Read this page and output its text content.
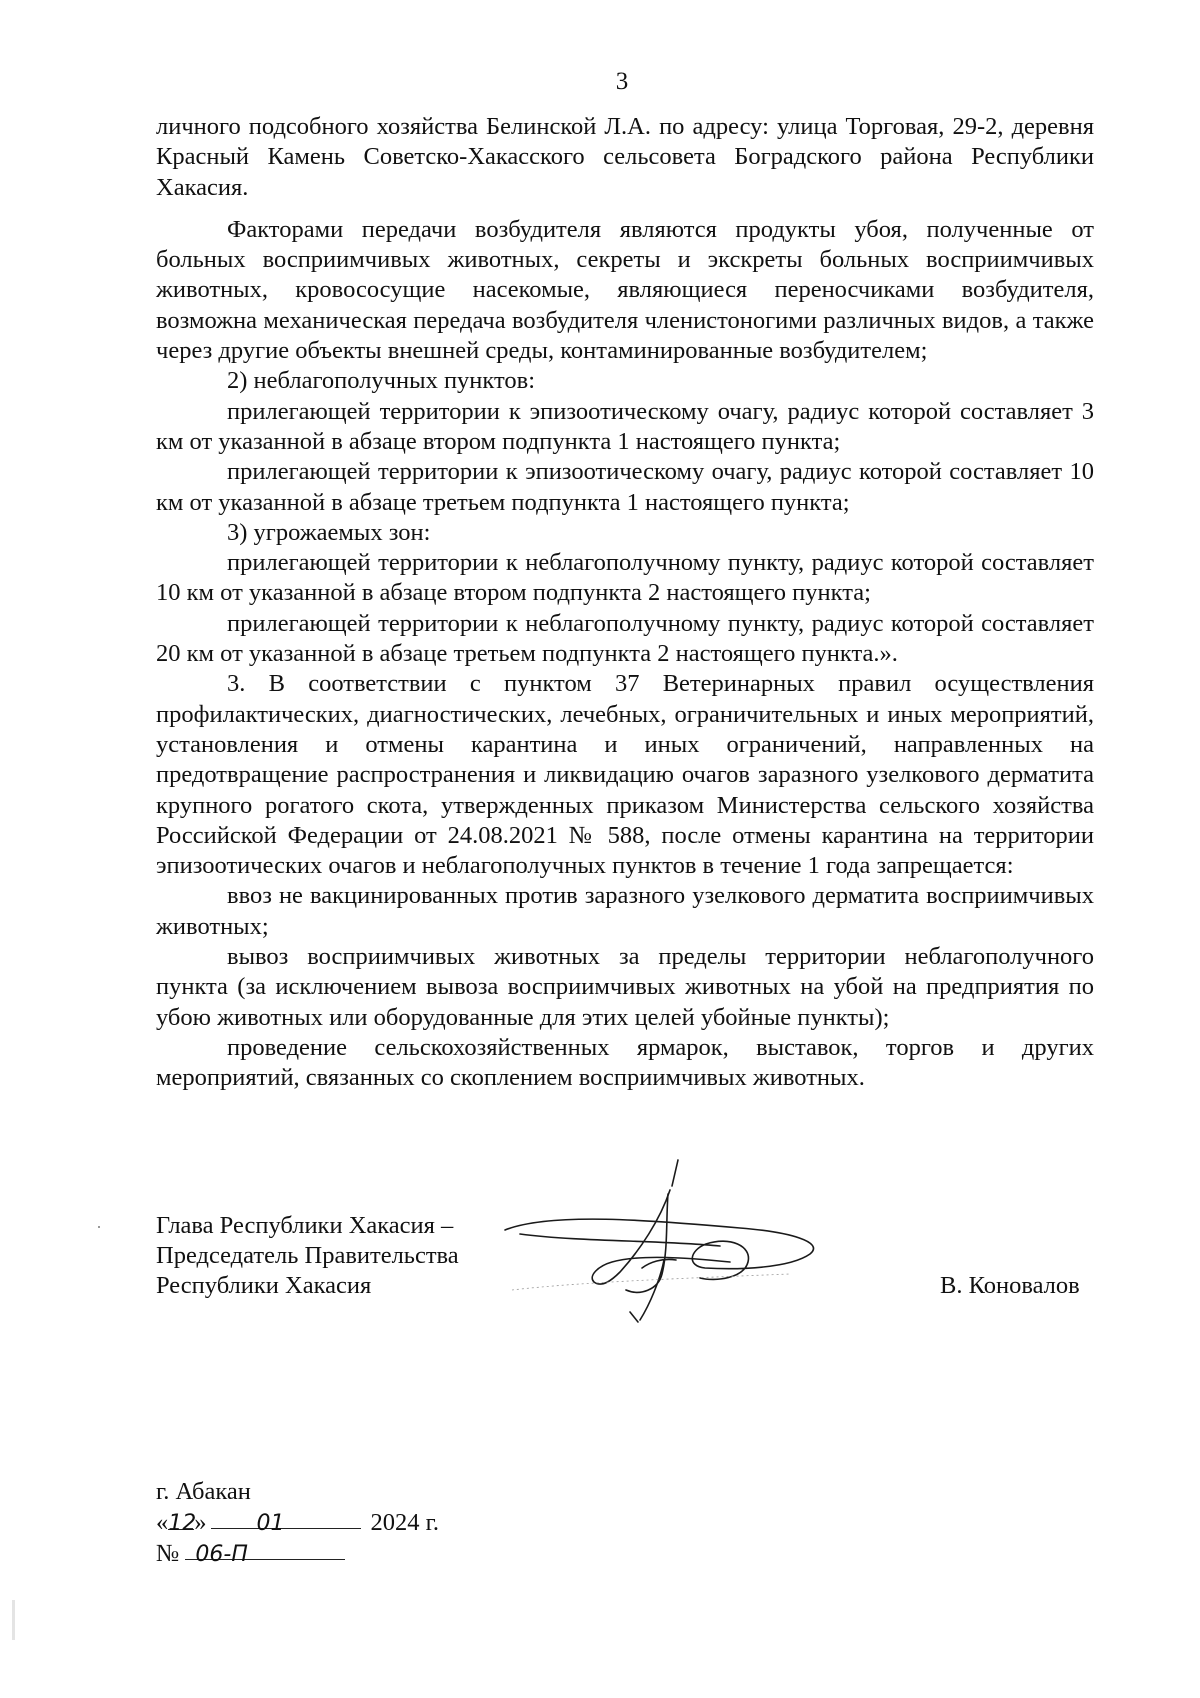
3

личного подсобного хозяйства Белинской Л.А. по адресу: улица Торговая, 29-2, деревня Красный Камень Советско-Хакасского сельсовета Боградского района Республики Хакасия.

Факторами передачи возбудителя являются продукты убоя, полученные от больных восприимчивых животных, секреты и экскреты больных восприимчивых животных, кровососущие насекомые, являющиеся переносчиками возбудителя, возможна механическая передача возбудителя членистоногими различных видов, а также через другие объекты внешней среды, контаминированные возбудителем;

2) неблагополучных пунктов:

прилегающей территории к эпизоотическому очагу, радиус которой составляет 3 км от указанной в абзаце втором подпункта 1 настоящего пункта;

прилегающей территории к эпизоотическому очагу, радиус которой составляет 10 км от указанной в абзаце третьем подпункта 1 настоящего пункта;

3) угрожаемых зон:

прилегающей территории к неблагополучному пункту, радиус которой составляет 10 км от указанной в абзаце втором подпункта 2 настоящего пункта;

прилегающей территории к неблагополучному пункту, радиус которой составляет 20 км от указанной в абзаце третьем подпункта 2 настоящего пункта.».

3. В соответствии с пунктом 37 Ветеринарных правил осуществления профилактических, диагностических, лечебных, ограничительных и иных мероприятий, установления и отмены карантина и иных ограничений, направленных на предотвращение распространения и ликвидацию очагов заразного узелкового дерматита крупного рогатого скота, утвержденных приказом Министерства сельского хозяйства Российской Федерации от 24.08.2021 № 588, после отмены карантина на территории эпизоотических очагов и неблагополучных пунктов в течение 1 года запрещается:

ввоз не вакцинированных против заразного узелкового дерматита восприимчивых животных;

вывоз восприимчивых животных за пределы территории неблагополучного пункта (за исключением вывоза восприимчивых животных на убой на предприятия по убою животных или оборудованные для этих целей убойные пункты);

проведение сельскохозяйственных ярмарок, выставок, торгов и других мероприятий, связанных со скоплением восприимчивых животных.

Глава Республики Хакасия –
Председатель Правительства
Республики Хакасия	В. Коновалов
г. Абакан
«12» 01	2024 г.
№ 06-П
